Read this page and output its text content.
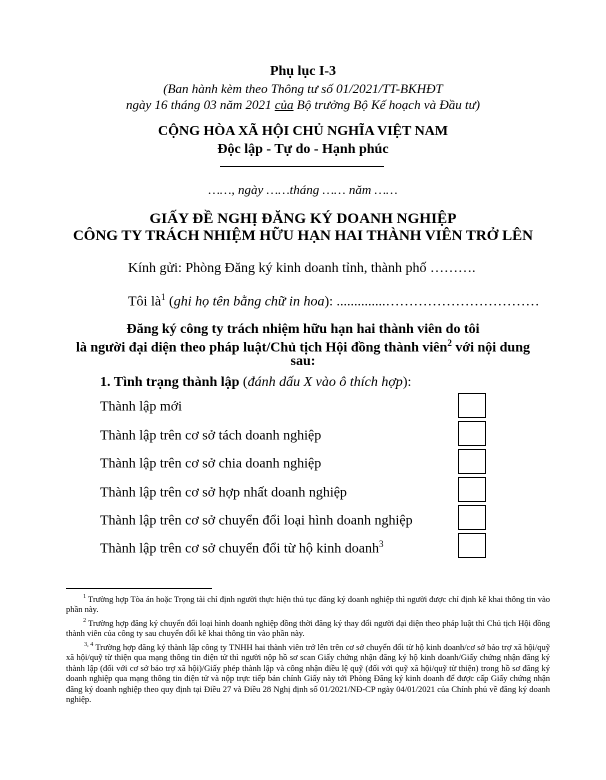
Phụ lục I-3
(Ban hành kèm theo Thông tư số 01/2021/TT-BKHĐT
ngày 16 tháng 03 năm 2021 của Bộ trưởng Bộ Kế hoạch và Đầu tư)
CỘNG HÒA XÃ HỘI CHỦ NGHĨA VIỆT NAM
Độc lập - Tự do - Hạnh phúc
……, ngày ……tháng …… năm ……
GIẤY ĐỀ NGHỊ ĐĂNG KÝ DOANH NGHIỆP
CÔNG TY TRÁCH NHIỆM HỮU HẠN HAI THÀNH VIÊN TRỞ LÊN
Kính gửi: Phòng Đăng ký kinh doanh tỉnh, thành phố ……….
Tôi $là^1$ (ghi họ tên bằng chữ in hoa): ..............……………………………
Đăng ký công ty trách nhiệm hữu hạn hai thành viên do tôi
là người đại diện theo pháp luật/Chủ tịch Hội đồng thành viên$^2$ với nội dung
sau:
1. Tình trạng thành lập (đánh dấu X vào ô thích hợp):
Thành lập mới
Thành lập trên cơ sở tách doanh nghiệp
Thành lập trên cơ sở chia doanh nghiệp
Thành lập trên cơ sở hợp nhất doanh nghiệp
Thành lập trên cơ sở chuyển đổi loại hình doanh nghiệp
Thành lập trên cơ sở chuyển đổi từ hộ kinh doanh$^3$
$^1$ Trường hợp Tòa án hoặc Trọng tài chỉ định người thực hiện thủ tục đăng ký doanh nghiệp thì người được chỉ định kê khai thông tin vào phần này.
$^2$ Trường hợp đăng ký chuyển đổi loại hình doanh nghiệp đồng thời đăng ký thay đổi người đại diện theo pháp luật thì Chủ tịch Hội đồng thành viên của công ty sau chuyển đổi kê khai thông tin vào phần này.
$^{3, 4}$ Trường hợp đăng ký thành lập công ty TNHH hai thành viên trở lên trên cơ sở chuyển đổi từ hộ kinh doanh/cơ sở bảo trợ xã hội/quỹ xã hội/quỹ từ thiện qua mạng thông tin điện tử thì người nộp hồ sơ scan Giấy chứng nhận đăng ký hộ kinh doanh/Giấy chứng nhận đăng ký thành lập (đối với cơ sở bảo trợ xã hội)/Giấy phép thành lập và công nhận điều lệ quỹ (đối với quỹ xã hội/quỹ từ thiện) trong hồ sơ đăng ký doanh nghiệp qua mạng thông tin điện tử và nộp trực tiếp bản chính Giấy này tới Phòng Đăng ký kinh doanh để được cấp Giấy chứng nhận đăng ký doanh nghiệp theo quy định tại Điều 27 và Điều 28 Nghị định số 01/2021/NĐ-CP ngày 04/01/2021 của Chính phủ về đăng ký doanh nghiệp.
